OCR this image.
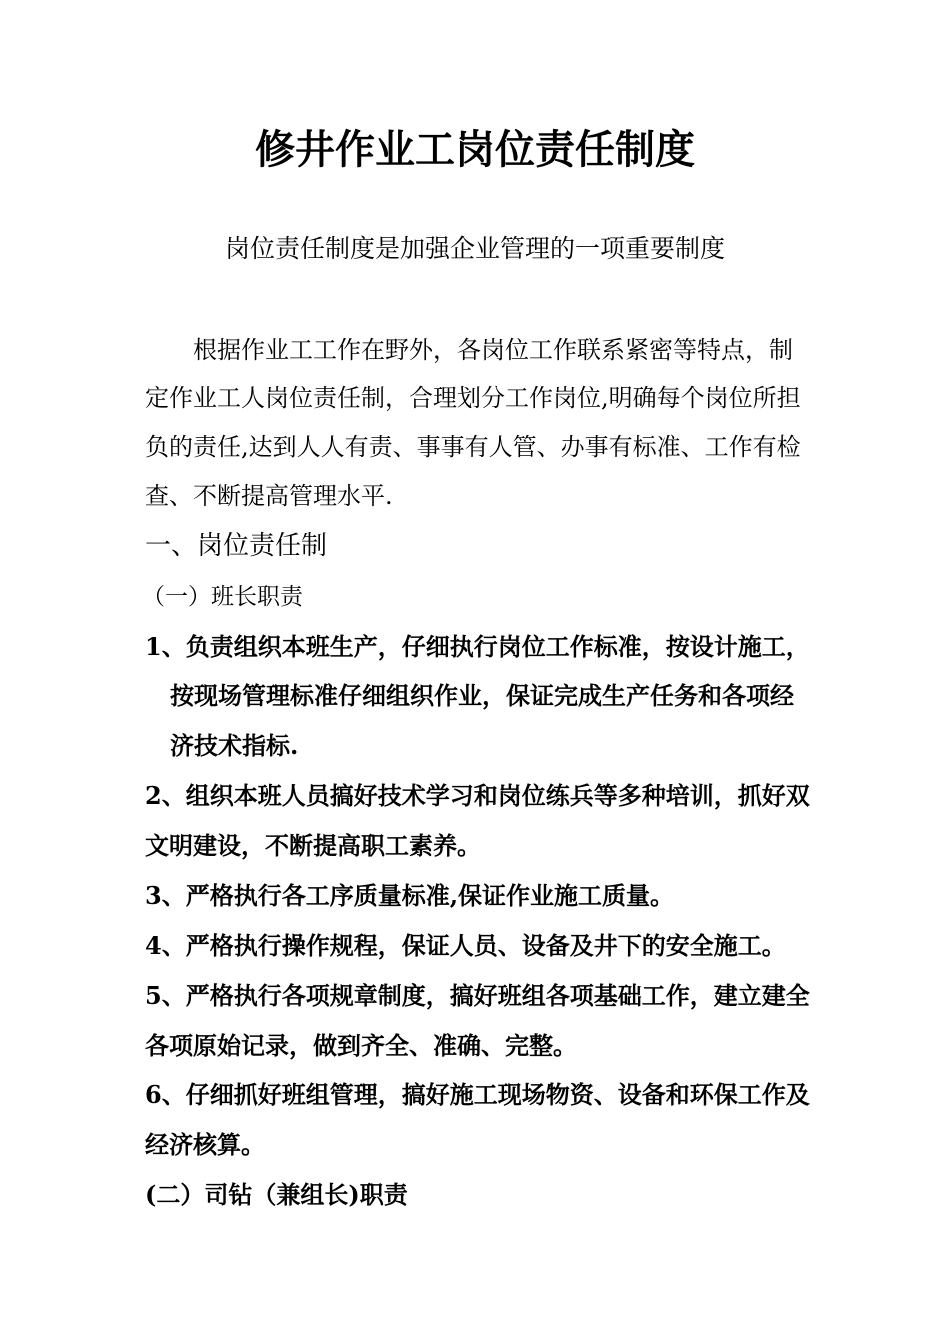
修井作业工岗位责任制度
岗位责任制度是加强企业管理的一项重要制度
根据作业工工作在野外，各岗位工作联系紧密等特点，制
定作业工人岗位责任制，合理划分工作岗位,明确每个岗位所担
负的责任,达到人人有责、事事有人管、办事有标准、工作有检
查、不断提高管理水平.
一、岗位责任制
（一）班长职责
1、负责组织本班生产，仔细执行岗位工作标准，按设计施工，
按现场管理标准仔细组织作业，保证完成生产任务和各项经
济技术指标.
2、组织本班人员搞好技术学习和岗位练兵等多种培训，抓好双
文明建设，不断提高职工素养。
3、严格执行各工序质量标准,保证作业施工质量。
4、严格执行操作规程，保证人员、设备及井下的安全施工。
5、严格执行各项规章制度，搞好班组各项基础工作，建立建全
各项原始记录，做到齐全、准确、完整。
6、仔细抓好班组管理，搞好施工现场物资、设备和环保工作及
经济核算。
(二）司钻（兼组长)职责
